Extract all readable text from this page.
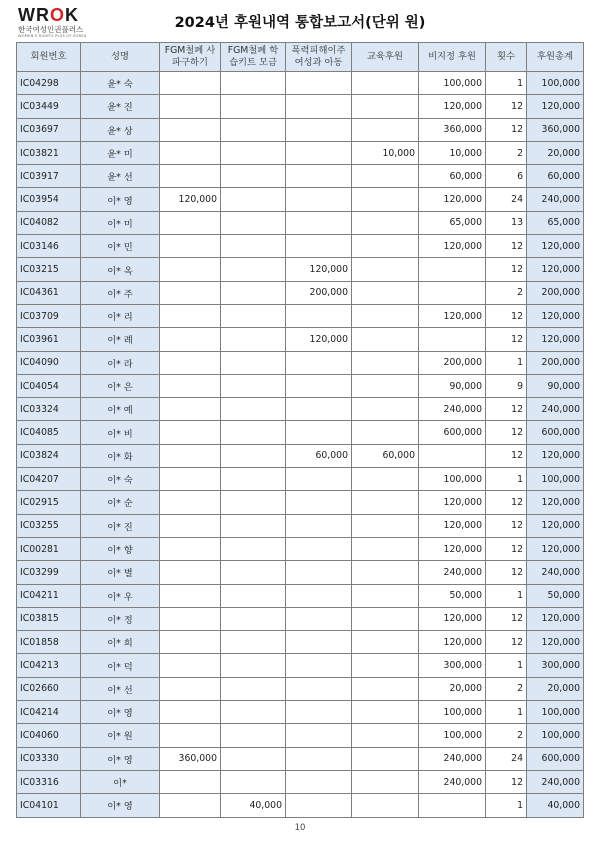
WROK
한국여성인권플러스
WOMEN'S RIGHTS PLUS OF KOREA
2024년 후원내역 통합보고서(단위 원)
회원번호	성명	FGM철폐 사파구하기	FGM철폐 학습키트 모금	폭력피해이주 여성과 아동	교육후원	비지정 후원	횟수	후원총계
IC04298	윤* 숙					100,000	1	100,000
IC03449	윤* 진					120,000	12	120,000
IC03697	윤* 상					360,000	12	360,000
IC03821	윤* 미				10,000	10,000	2	20,000
IC03917	윤* 선					60,000	6	60,000
IC03954	이* 영	120,000				120,000	24	240,000
IC04082	이* 미					65,000	13	65,000
IC03146	이* 민					120,000	12	120,000
IC03215	이* 옥			120,000			12	120,000
IC04361	이* 주			200,000			2	200,000
IC03709	이* 리					120,000	12	120,000
IC03961	이* 례			120,000			12	120,000
IC04090	이* 라					200,000	1	200,000
IC04054	이* 은					90,000	9	90,000
IC03324	이* 예					240,000	12	240,000
IC04085	이* 비					600,000	12	600,000
IC03824	이* 화			60,000	60,000		12	120,000
IC04207	이* 숙					100,000	1	100,000
IC02915	이* 순					120,000	12	120,000
IC03255	이* 진					120,000	12	120,000
IC00281	이* 향					120,000	12	120,000
IC03299	이* 별					240,000	12	240,000
IC04211	이* 우					50,000	1	50,000
IC03815	이* 정					120,000	12	120,000
IC01858	이* 희					120,000	12	120,000
IC04213	이* 덕					300,000	1	300,000
IC02660	이* 선					20,000	2	20,000
IC04214	이* 영					100,000	1	100,000
IC04060	이* 원					100,000	2	100,000
IC03330	이* 영	360,000				240,000	24	600,000
IC03316	이*					240,000	12	240,000
IC04101	이* 영		40,000				1	40,000
10
